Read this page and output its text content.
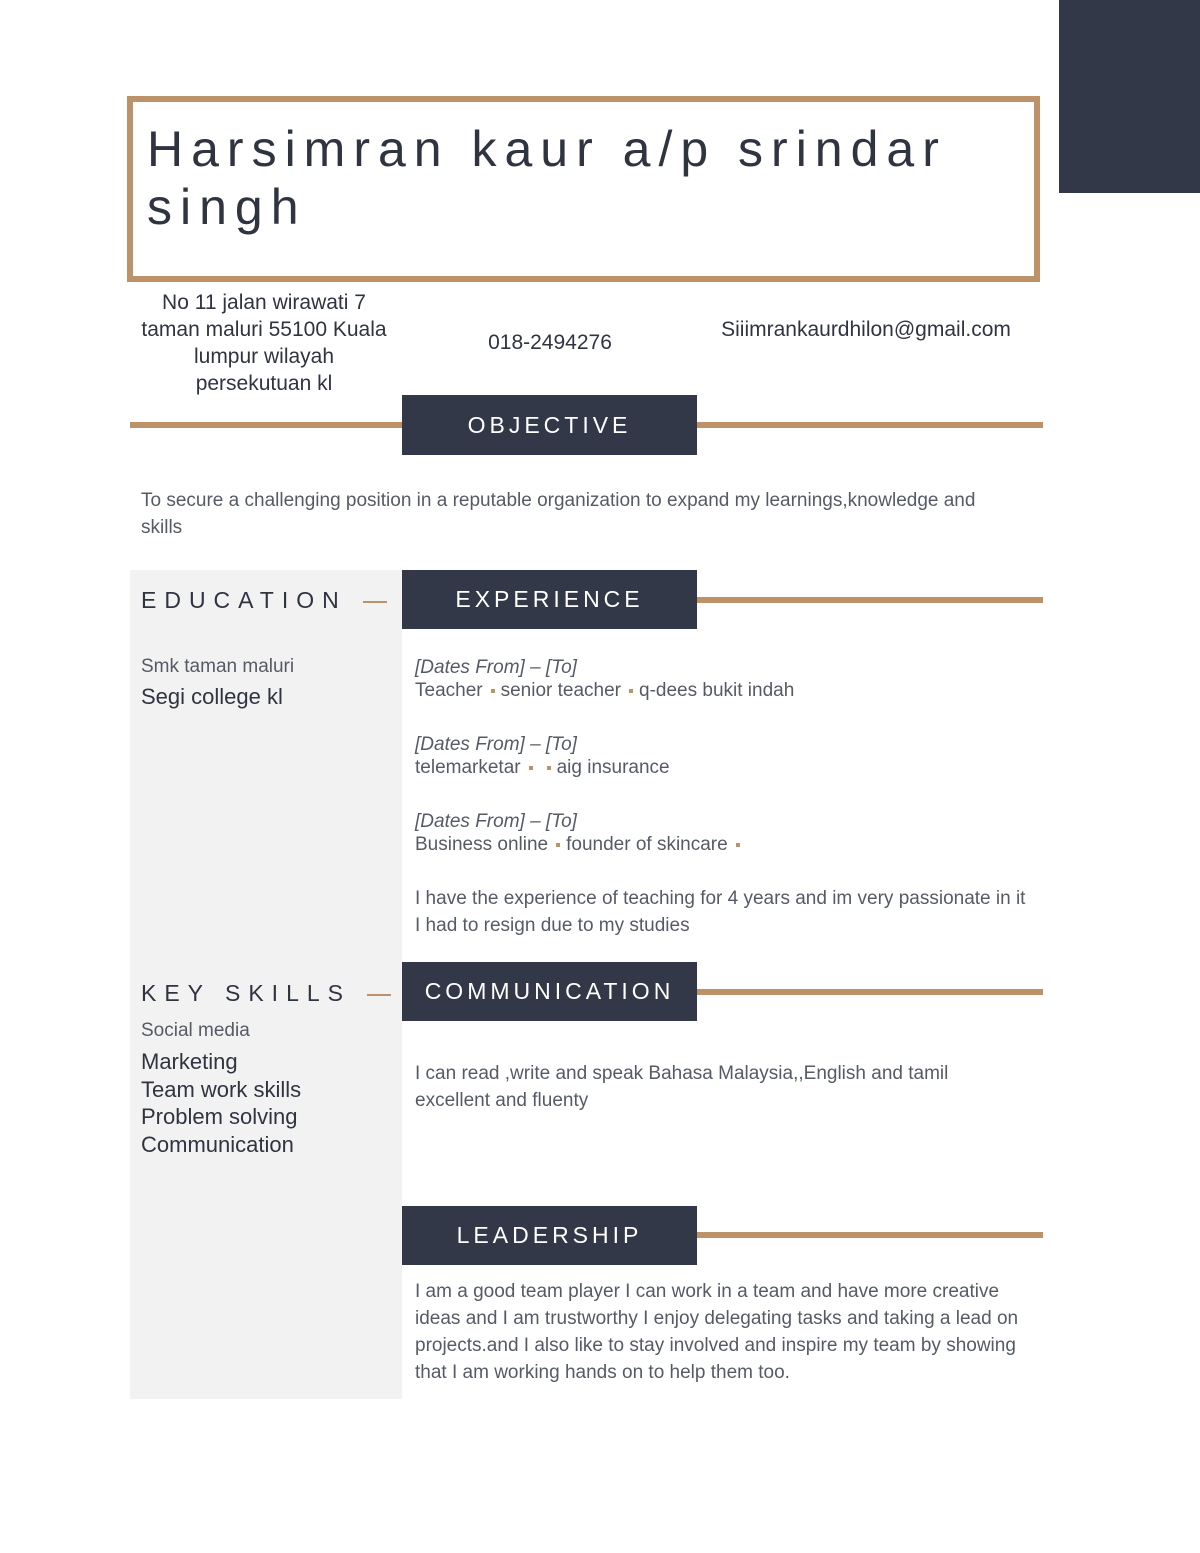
Harsimran kaur a/p srindar singh
No 11 jalan wirawati 7 taman maluri 55100 Kuala lumpur wilayah persekutuan kl
018-2494276
Siiimrankaurdhilon@gmail.com
OBJECTIVE
To secure a challenging position in a reputable organization to expand my learnings,knowledge and skills
EDUCATION
Smk taman maluri
Segi college kl
KEY SKILLS
Social media
Marketing
Team work skills
Problem solving
Communication
EXPERIENCE
[Dates From] – [To]
Teacher senior teacher q-dees bukit indah
[Dates From] – [To]
telemarketar aig insurance
[Dates From] – [To]
Business online founder of skincare
I have the experience of teaching for 4 years and im very passionate in it I had to resign due to my studies
COMMUNICATION
I can read ,write and speak Bahasa Malaysia,,English and tamil excellent and fluenty
LEADERSHIP
I am a good team player I can work in a team and have more creative ideas and I am trustworthy I enjoy delegating tasks and taking a lead on projects.and I also like to stay involved and inspire my team by showing that I am working hands on to help them too.
